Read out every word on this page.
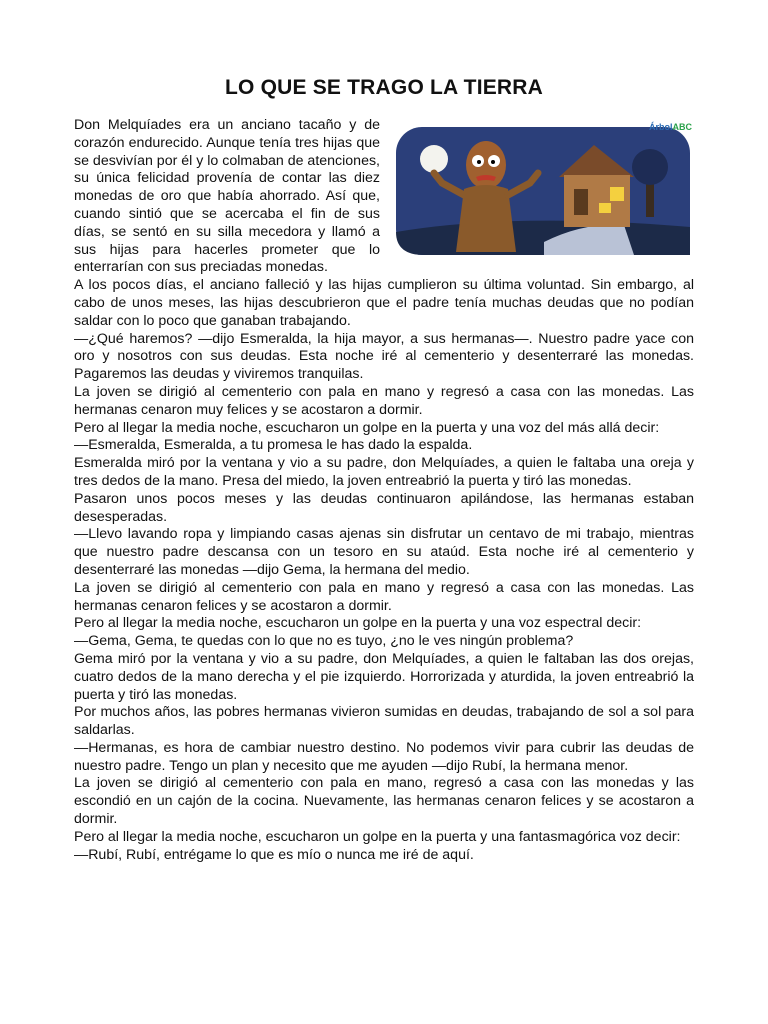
LO QUE SE TRAGO LA TIERRA
ÁrbolABC

Don Melquíades era un anciano tacaño y de corazón endurecido. Aunque tenía tres hijas que se desvivían por él y lo colmaban de atenciones, su única felicidad provenía de contar las diez monedas de oro que había ahorrado. Así que, cuando sintió que se acercaba el fin de sus días, se sentó en su silla mecedora y llamó a sus hijas para hacerles prometer que lo enterrarían con sus preciadas monedas.

A los pocos días, el anciano falleció y las hijas cumplieron su última voluntad. Sin embargo, al cabo de unos meses, las hijas descubrieron que el padre tenía muchas deudas que no podían saldar con lo poco que ganaban trabajando.

—¿Qué haremos? —dijo Esmeralda, la hija mayor, a sus hermanas—. Nuestro padre yace con oro y nosotros con sus deudas. Esta noche iré al cementerio y desenterraré las monedas. Pagaremos las deudas y viviremos tranquilas.

La joven se dirigió al cementerio con pala en mano y regresó a casa con las monedas. Las hermanas cenaron muy felices y se acostaron a dormir.

Pero al llegar la media noche, escucharon un golpe en la puerta y una voz del más allá decir:

—Esmeralda, Esmeralda, a tu promesa le has dado la espalda.

Esmeralda miró por la ventana y vio a su padre, don Melquíades, a quien le faltaba una oreja y tres dedos de la mano. Presa del miedo, la joven entreabrió la puerta y tiró las monedas.

Pasaron unos pocos meses y las deudas continuaron apilándose, las hermanas estaban desesperadas.

—Llevo lavando ropa y limpiando casas ajenas sin disfrutar un centavo de mi trabajo, mientras que nuestro padre descansa con un tesoro en su ataúd. Esta noche iré al cementerio y desenterraré las monedas —dijo Gema, la hermana del medio.

La joven se dirigió al cementerio con pala en mano y regresó a casa con las monedas. Las hermanas cenaron felices y se acostaron a dormir.

Pero al llegar la media noche, escucharon un golpe en la puerta y una voz espectral decir:

—Gema, Gema, te quedas con lo que no es tuyo, ¿no le ves ningún problema?

Gema miró por la ventana y vio a su padre, don Melquíades, a quien le faltaban las dos orejas, cuatro dedos de la mano derecha y el pie izquierdo. Horrorizada y aturdida, la joven entreabrió la puerta y tiró las monedas.

Por muchos años, las pobres hermanas vivieron sumidas en deudas, trabajando de sol a sol para saldarlas.

—Hermanas, es hora de cambiar nuestro destino. No podemos vivir para cubrir las deudas de nuestro padre. Tengo un plan y necesito que me ayuden —dijo Rubí, la hermana menor.

La joven se dirigió al cementerio con pala en mano, regresó a casa con las monedas y las escondió en un cajón de la cocina. Nuevamente, las hermanas cenaron felices y se acostaron a dormir.

Pero al llegar la media noche, escucharon un golpe en la puerta y una fantasmagórica voz decir:

—Rubí, Rubí, entrégame lo que es mío o nunca me iré de aquí.
